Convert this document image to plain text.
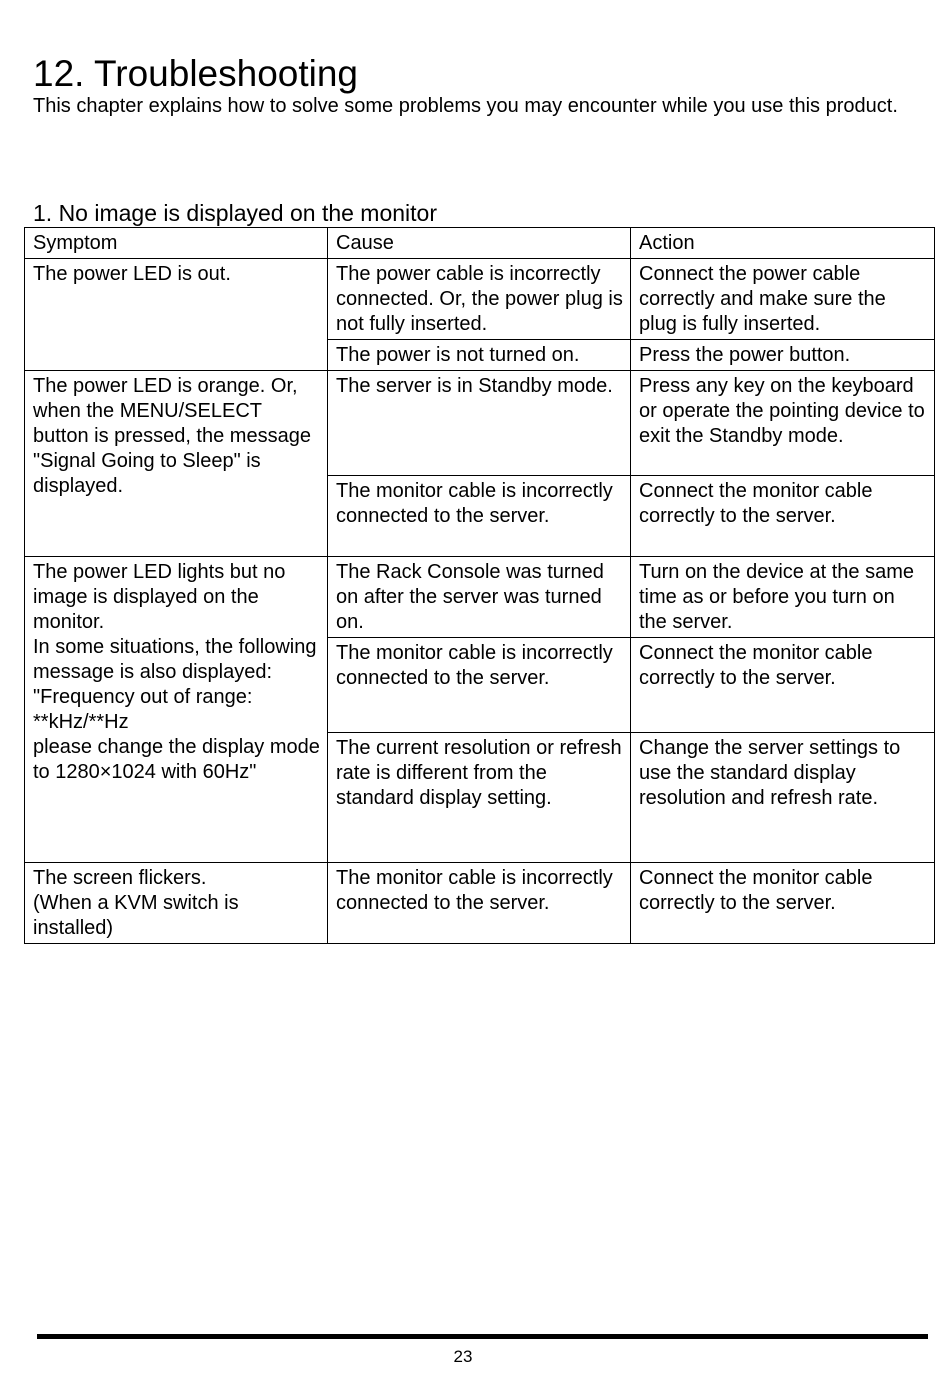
12. Troubleshooting

This chapter explains how to solve some problems you may encounter while you use this product.

1. No image is displayed on the monitor
Symptom	Cause	Action
The power LED is out.	The power cable is incorrectly connected. Or, the power plug is not fully inserted.	Connect the power cable correctly and make sure the plug is fully inserted.
	The power is not turned on.	Press the power button.
The power LED is orange. Or, when the MENU/SELECT button is pressed, the message "Signal Going to Sleep" is displayed.	The server is in Standby mode.	Press any key on the keyboard or operate the pointing device to exit the Standby mode.
	The monitor cable is incorrectly connected to the server.	Connect the monitor cable correctly to the server.
The power LED lights but no image is displayed on the monitor.
In some situations, the following message is also displayed:
"Frequency out of range: **kHz/**Hz
please change the display mode to 1280×1024 with 60Hz"	The Rack Console was turned on after the server was turned on.	Turn on the device at the same time as or before you turn on the server.
	The monitor cable is incorrectly connected to the server.	Connect the monitor cable correctly to the server.
	The current resolution or refresh rate is different from the standard display setting.	Change the server settings to use the standard display resolution and refresh rate.
The screen flickers.
(When a KVM switch is installed)	The monitor cable is incorrectly connected to the server.	Connect the monitor cable correctly to the server.
23
